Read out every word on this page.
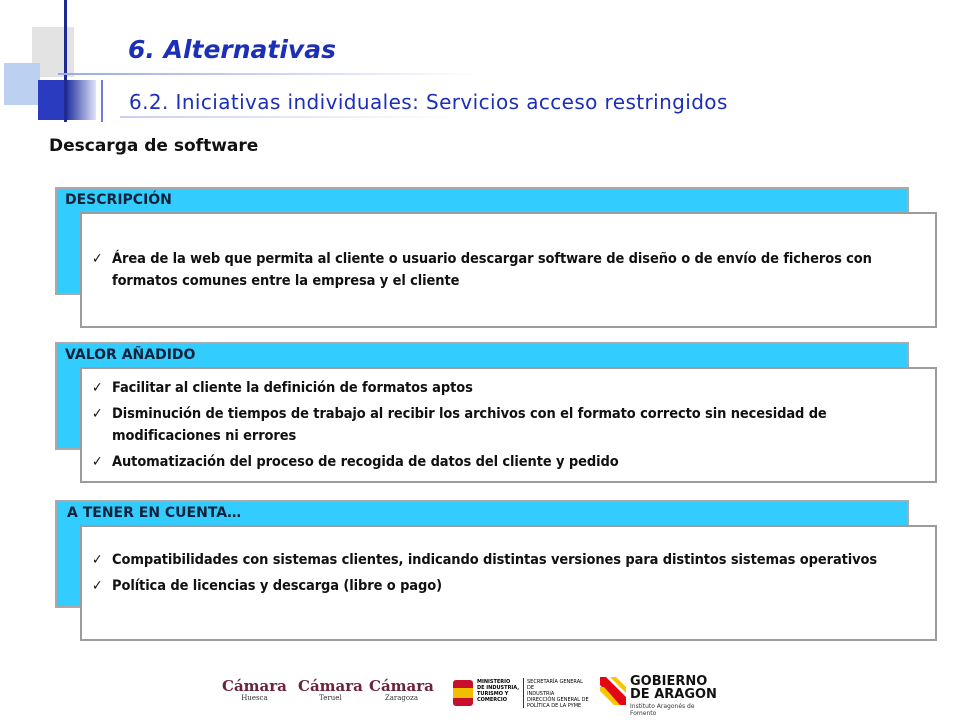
6. Alternativas
6.2. Iniciativas individuales: Servicios acceso restringidos
Descarga de software
DESCRIPCIÓN
✓ Área de la web que permita al cliente o usuario descargar software de diseño o de envío de ficheros con formatos comunes entre la empresa y el cliente
VALOR AÑADIDO
✓ Facilitar al cliente la definición de formatos aptos
✓ Disminución de tiempos de trabajo al recibir los archivos con el formato correcto sin necesidad de modificaciones ni errores
✓ Automatización del proceso de recogida de datos del cliente y pedido
A TENER EN CUENTA…
✓ Compatibilidades con sistemas clientes, indicando distintas versiones para distintos sistemas operativos
✓ Política de licencias y descarga (libre o pago)
Cámara
Huesca
Cámara
Teruel
Cámara
Zaragoza
MINISTERIO
DE INDUSTRIA,
TURISMO Y
COMERCIO
SECRETARÍA GENERAL DE
INDUSTRIA
DIRECCIÓN GENERAL DE
POLÍTICA DE LA PYME
GOBIERNO
DE ARAGON
Instituto Aragonés de Fomento
